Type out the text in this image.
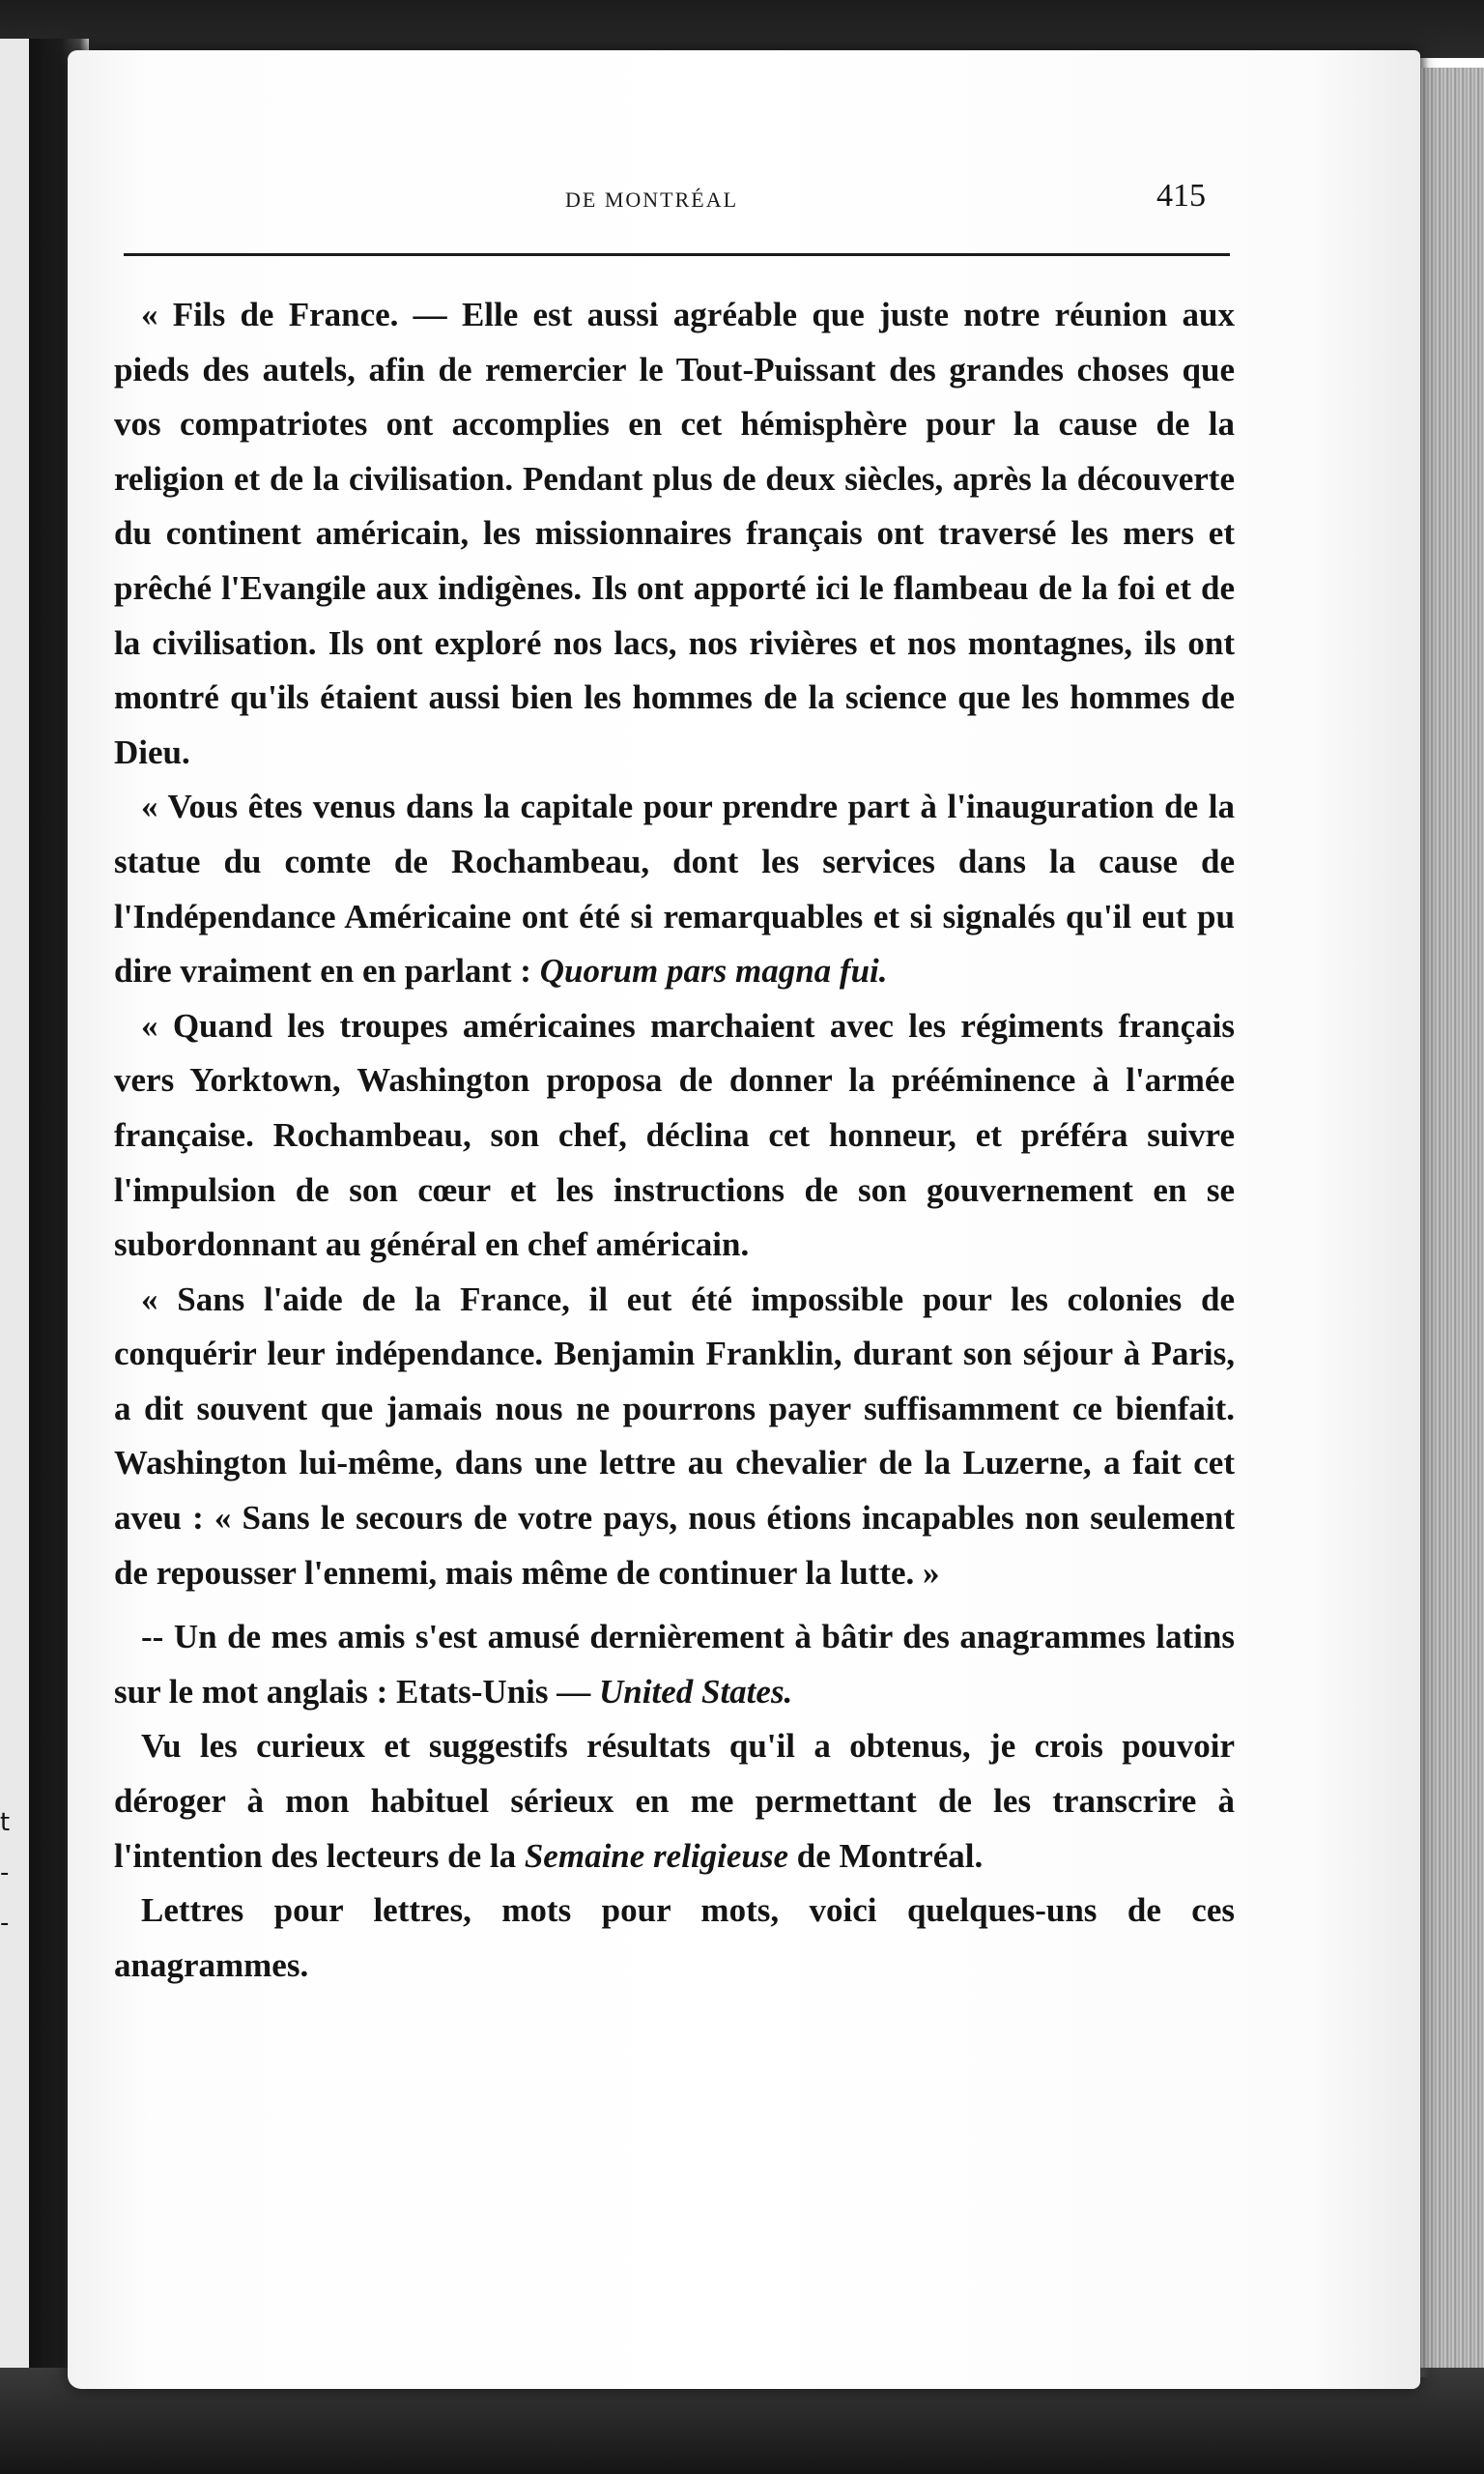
t
-
-
DE MONTRÉAL	415

« Fils de France. — Elle est aussi agréable que juste notre réunion aux pieds des autels, afin de remercier le Tout-Puissant des grandes choses que vos compatriotes ont accomplies en cet hémisphère pour la cause de la religion et de la civilisation. Pendant plus de deux siècles, après la découverte du continent américain, les missionnaires français ont traversé les mers et prêché l'Evangile aux indigènes. Ils ont apporté ici le flambeau de la foi et de la civilisation. Ils ont exploré nos lacs, nos rivières et nos montagnes, ils ont montré qu'ils étaient aussi bien les hommes de la science que les hommes de Dieu.

« Vous êtes venus dans la capitale pour prendre part à l'inauguration de la statue du comte de Rochambeau, dont les services dans la cause de l'Indépendance Américaine ont été si remarquables et si signalés qu'il eut pu dire vraiment en en parlant : Quorum pars magna fui.

« Quand les troupes américaines marchaient avec les régiments français vers Yorktown, Washington proposa de donner la prééminence à l'armée française. Rochambeau, son chef, déclina cet honneur, et préféra suivre l'impulsion de son cœur et les instructions de son gouvernement en se subordonnant au général en chef américain.

« Sans l'aide de la France, il eut été impossible pour les colonies de conquérir leur indépendance. Benjamin Franklin, durant son séjour à Paris, a dit souvent que jamais nous ne pourrons payer suffisamment ce bienfait. Washington lui-même, dans une lettre au chevalier de la Luzerne, a fait cet aveu : « Sans le secours de votre pays, nous étions incapables non seulement de repousser l'ennemi, mais même de continuer la lutte. »

-- Un de mes amis s'est amusé dernièrement à bâtir des anagrammes latins sur le mot anglais : Etats-Unis — United States.

Vu les curieux et suggestifs résultats qu'il a obtenus, je crois pouvoir déroger à mon habituel sérieux en me permettant de les transcrire à l'intention des lecteurs de la Semaine religieuse de Montréal.

Lettres pour lettres, mots pour mots, voici quelques-uns de ces anagrammes.
